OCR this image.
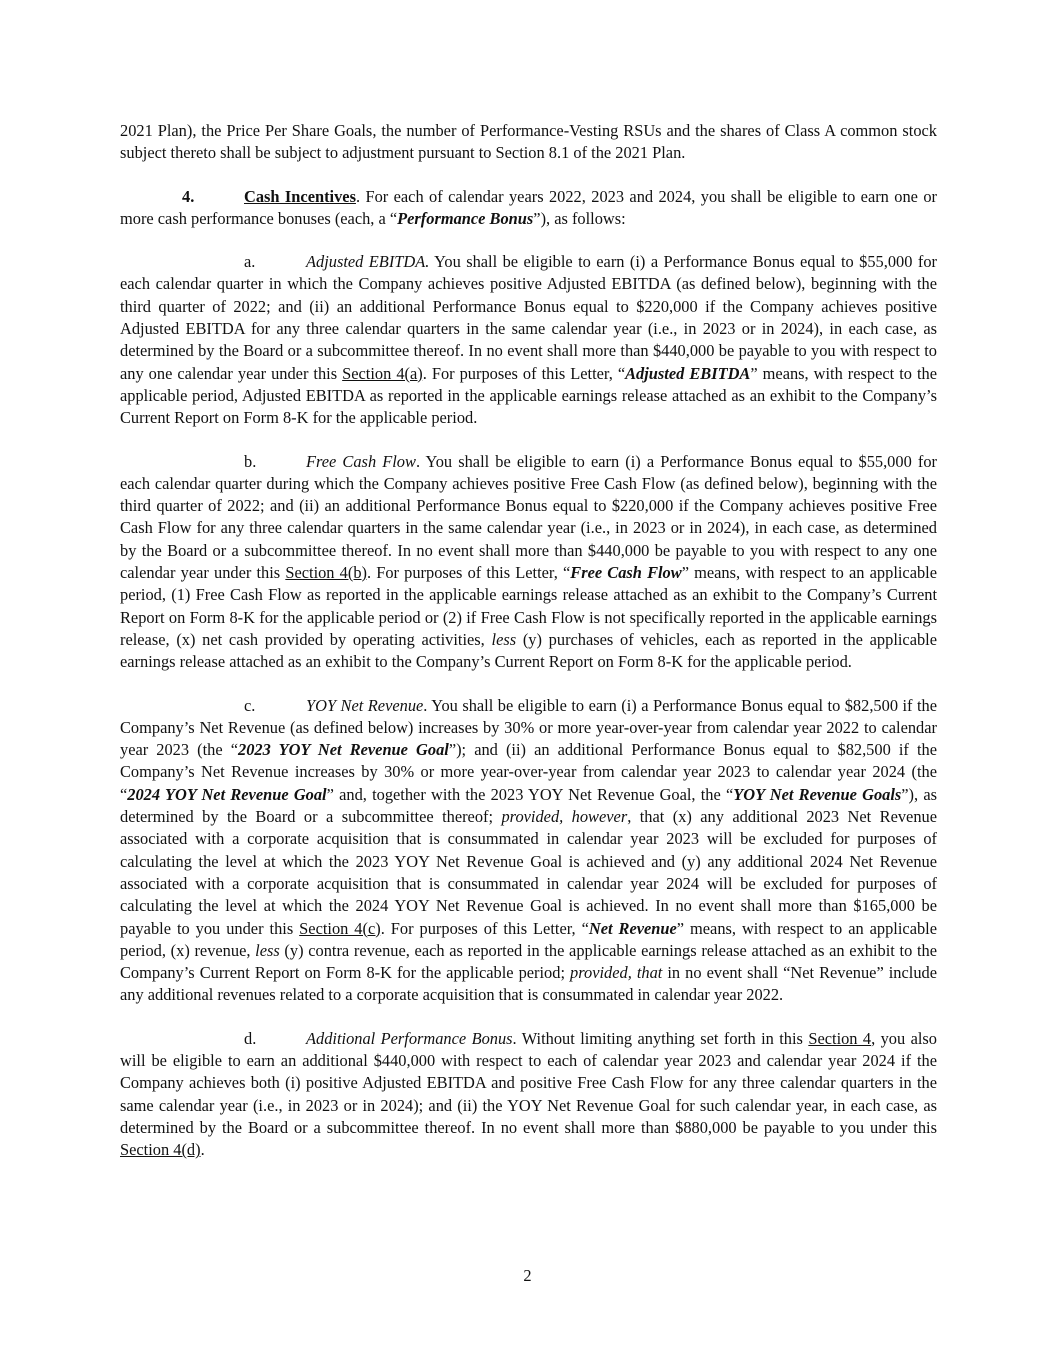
2021 Plan), the Price Per Share Goals, the number of Performance-Vesting RSUs and the shares of Class A common stock subject thereto shall be subject to adjustment pursuant to Section 8.1 of the 2021 Plan.

4.	Cash Incentives. For each of calendar years 2022, 2023 and 2024, you shall be eligible to earn one or more cash performance bonuses (each, a “Performance Bonus”), as follows:

a.	Adjusted EBITDA. You shall be eligible to earn (i) a Performance Bonus equal to $55,000 for each calendar quarter in which the Company achieves positive Adjusted EBITDA (as defined below), beginning with the third quarter of 2022; and (ii) an additional Performance Bonus equal to $220,000 if the Company achieves positive Adjusted EBITDA for any three calendar quarters in the same calendar year (i.e., in 2023 or in 2024), in each case, as determined by the Board or a subcommittee thereof. In no event shall more than $440,000 be payable to you with respect to any one calendar year under this Section 4(a). For purposes of this Letter, “Adjusted EBITDA” means, with respect to the applicable period, Adjusted EBITDA as reported in the applicable earnings release attached as an exhibit to the Company’s Current Report on Form 8-K for the applicable period.

b.	Free Cash Flow. You shall be eligible to earn (i) a Performance Bonus equal to $55,000 for each calendar quarter during which the Company achieves positive Free Cash Flow (as defined below), beginning with the third quarter of 2022; and (ii) an additional Performance Bonus equal to $220,000 if the Company achieves positive Free Cash Flow for any three calendar quarters in the same calendar year (i.e., in 2023 or in 2024), in each case, as determined by the Board or a subcommittee thereof. In no event shall more than $440,000 be payable to you with respect to any one calendar year under this Section 4(b). For purposes of this Letter, “Free Cash Flow” means, with respect to an applicable period, (1) Free Cash Flow as reported in the applicable earnings release attached as an exhibit to the Company’s Current Report on Form 8-K for the applicable period or (2) if Free Cash Flow is not specifically reported in the applicable earnings release, (x) net cash provided by operating activities, less (y) purchases of vehicles, each as reported in the applicable earnings release attached as an exhibit to the Company’s Current Report on Form 8-K for the applicable period.

c.	YOY Net Revenue. You shall be eligible to earn (i) a Performance Bonus equal to $82,500 if the Company’s Net Revenue (as defined below) increases by 30% or more year-over-year from calendar year 2022 to calendar year 2023 (the “2023 YOY Net Revenue Goal”); and (ii) an additional Performance Bonus equal to $82,500 if the Company’s Net Revenue increases by 30% or more year-over-year from calendar year 2023 to calendar year 2024 (the “2024 YOY Net Revenue Goal” and, together with the 2023 YOY Net Revenue Goal, the “YOY Net Revenue Goals”), as determined by the Board or a subcommittee thereof; provided, however, that (x) any additional 2023 Net Revenue associated with a corporate acquisition that is consummated in calendar year 2023 will be excluded for purposes of calculating the level at which the 2023 YOY Net Revenue Goal is achieved and (y) any additional 2024 Net Revenue associated with a corporate acquisition that is consummated in calendar year 2024 will be excluded for purposes of calculating the level at which the 2024 YOY Net Revenue Goal is achieved. In no event shall more than $165,000 be payable to you under this Section 4(c). For purposes of this Letter, “Net Revenue” means, with respect to an applicable period, (x) revenue, less (y) contra revenue, each as reported in the applicable earnings release attached as an exhibit to the Company’s Current Report on Form 8-K for the applicable period; provided, that in no event shall “Net Revenue” include any additional revenues related to a corporate acquisition that is consummated in calendar year 2022.

d.	Additional Performance Bonus. Without limiting anything set forth in this Section 4, you also will be eligible to earn an additional $440,000 with respect to each of calendar year 2023 and calendar year 2024 if the Company achieves both (i) positive Adjusted EBITDA and positive Free Cash Flow for any three calendar quarters in the same calendar year (i.e., in 2023 or in 2024); and (ii) the YOY Net Revenue Goal for such calendar year, in each case, as determined by the Board or a subcommittee thereof. In no event shall more than $880,000 be payable to you under this Section 4(d).

2
